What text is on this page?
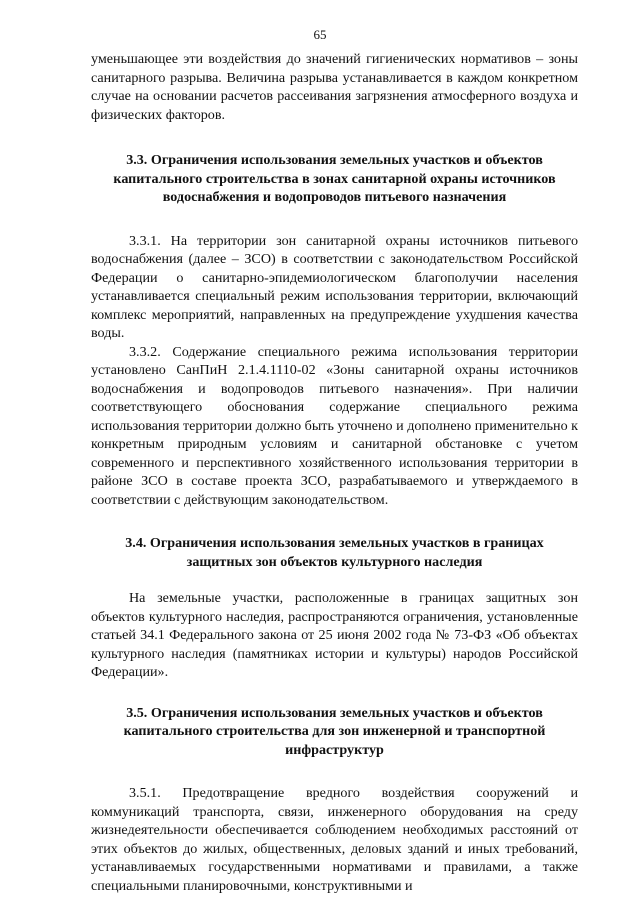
65

уменьшающее эти воздействия до значений гигиенических нормативов – зоны санитарного разрыва. Величина разрыва устанавливается в каждом конкретном случае на основании расчетов рассеивания загрязнения атмосферного воздуха и физических факторов.

3.3. Ограничения использования земельных участков и объектов капитального строительства в зонах санитарной охраны источников водоснабжения и водопроводов питьевого назначения

3.3.1. На территории зон санитарной охраны источников питьевого водоснабжения (далее – ЗСО) в соответствии с законодательством Российской Федерации о санитарно-эпидемиологическом благополучии населения устанавливается специальный режим использования территории, включающий комплекс мероприятий, направленных на предупреждение ухудшения качества воды.

3.3.2. Содержание специального режима использования территории установлено СанПиН 2.1.4.1110-02 «Зоны санитарной охраны источников водоснабжения и водопроводов питьевого назначения». При наличии соответствующего обоснования содержание специального режима использования территории должно быть уточнено и дополнено применительно к конкретным природным условиям и санитарной обстановке с учетом современного и перспективного хозяйственного использования территории в районе ЗСО в составе проекта ЗСО, разрабатываемого и утверждаемого в соответствии с действующим законодательством.

3.4. Ограничения использования земельных участков в границах защитных зон объектов культурного наследия

На земельные участки, расположенные в границах защитных зон объектов культурного наследия, распространяются ограничения, установленные статьей 34.1 Федерального закона от 25 июня 2002 года № 73-ФЗ «Об объектах культурного наследия (памятниках истории и культуры) народов Российской Федерации».

3.5. Ограничения использования земельных участков и объектов капитального строительства для зон инженерной и транспортной инфраструктур

3.5.1. Предотвращение вредного воздействия сооружений и коммуникаций транспорта, связи, инженерного оборудования на среду жизнедеятельности обеспечивается соблюдением необходимых расстояний от этих объектов до жилых, общественных, деловых зданий и иных требований, устанавливаемых государственными нормативами и правилами, а также специальными планировочными, конструктивными и
